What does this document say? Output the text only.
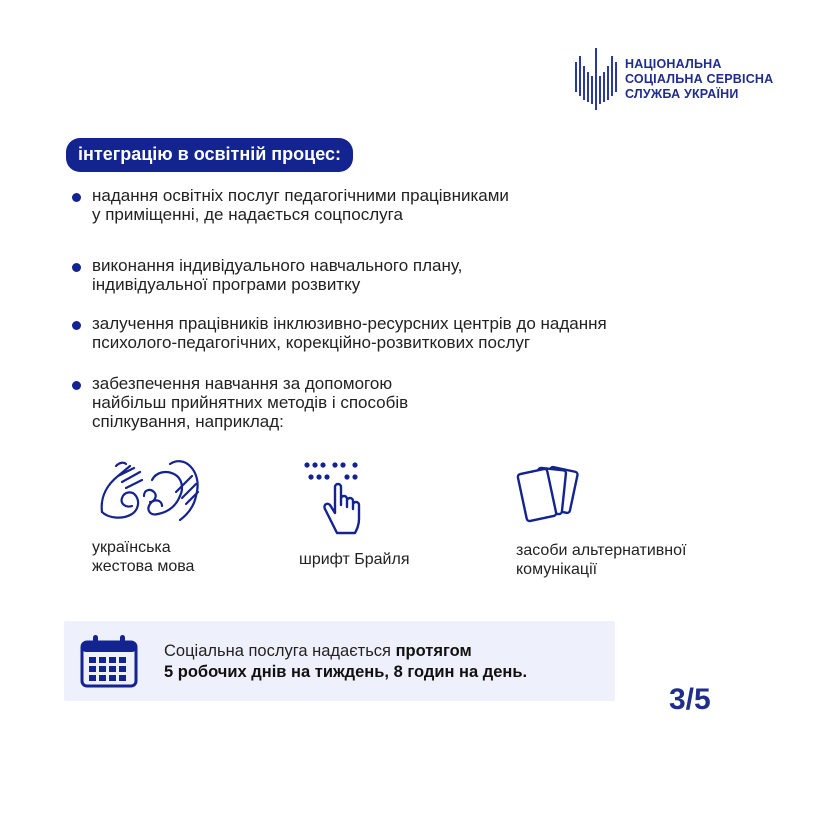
НАЦІОНАЛЬНА
СОЦІАЛЬНА СЕРВІСНА
СЛУЖБА УКРАЇНИ
інтеграцію в освітній процес:
надання освітніх послуг педагогічними працівниками
у приміщенні, де надається соцпослуга
виконання індивідуального навчального плану,
індивідуальної програми розвитку
залучення працівників інклюзивно-ресурсних центрів до надання
психолого-педагогічних, корекційно-розвиткових послуг
забезпечення навчання за допомогою
найбільш прийнятних методів і способів
спілкування, наприклад:
українська
жестова мова	шрифт Брайля
засоби альтернативної
комунікації
Соціальна послуга надається протягом
5 робочих днів на тиждень, 8 годин на день.
3/5
